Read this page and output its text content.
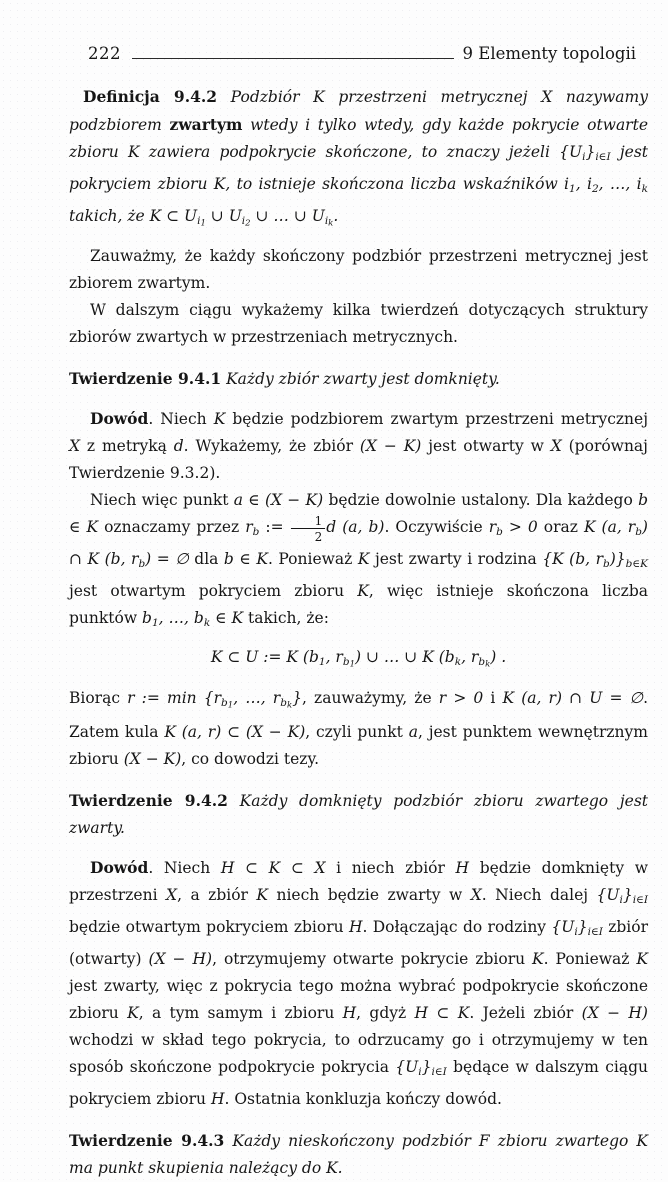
222	9 Elementy topologii

Definicja 9.4.2 Podzbiór K przestrzeni metrycznej X nazywamy podzbiorem zwartym wtedy i tylko wtedy, gdy każde pokrycie otwarte zbioru K zawiera podpokrycie skończone, to znaczy jeżeli {Ui}i∈I jest pokryciem zbioru K, to istnieje skończona liczba wskaźników i1, i2, …, ik takich, że K ⊂ $Ui_1$ ∪ $Ui_2$ ∪ … ∪ $Ui_k$.

Zauważmy, że każdy skończony podzbiór przestrzeni metrycznej jest zbiorem zwartym.

W dalszym ciągu wykażemy kilka twierdzeń dotyczących struktury zbiorów zwartych w przestrzeniach metrycznych.

Twierdzenie 9.4.1 Każdy zbiór zwarty jest domknięty.

Dowód. Niech K będzie podzbiorem zwartym przestrzeni metrycznej X z metryką d. Wykażemy, że zbiór (X − K) jest otwarty w X (porównaj Twierdzenie 9.3.2).

Niech więc punkt a ∈ (X − K) będzie dowolnie ustalony. Dla każdego b ∈ K oznaczamy przez rb := $\frac{1}{2}$ d (a, b). Oczywiście rb > 0 oraz K (a, rb) ∩ K (b, rb) = ∅ dla b ∈ K. Ponieważ K jest zwarty i rodzina {K (b, rb)}b∈K jest otwartym pokryciem zbioru K, więc istnieje skończona liczba punktów b1, …, bk ∈ K takich, że:

K ⊂ U := K (b1, $rb_1$) ∪ … ∪ K (bk, $rb_k$) .

Biorąc r := $\min \{rb_1$, …, $rb_k$}, zauważymy, że r > 0 i K (a, r) ∩ U = ∅. Zatem kula K (a, r) ⊂ (X − K), czyli punkt a, jest punktem wewnętrznym zbioru (X − K), co dowodzi tezy.

Twierdzenie 9.4.2 Każdy domknięty podzbiór zbioru zwartego jest zwarty.

Dowód. Niech H ⊂ K ⊂ X i niech zbiór H będzie domknięty w przestrzeni X, a zbiór K niech będzie zwarty w X. Niech dalej {Ui}i∈I będzie otwartym pokryciem zbioru H. Dołączając do rodziny {Ui}i∈I zbiór (otwarty) (X − H), otrzymujemy otwarte pokrycie zbioru K. Ponieważ K jest zwarty, więc z pokrycia tego można wybrać podpokrycie skończone zbioru K, a tym samym i zbioru H, gdyż H ⊂ K. Jeżeli zbiór (X − H) wchodzi w skład tego pokrycia, to odrzucamy go i otrzymujemy w ten sposób skończone podpokrycie pokrycia {Ui}i∈I będące w dalszym ciągu pokryciem zbioru H. Ostatnia konkluzja kończy dowód.

Twierdzenie 9.4.3 Każdy nieskończony podzbiór F zbioru zwartego K ma punkt skupienia należący do K.
